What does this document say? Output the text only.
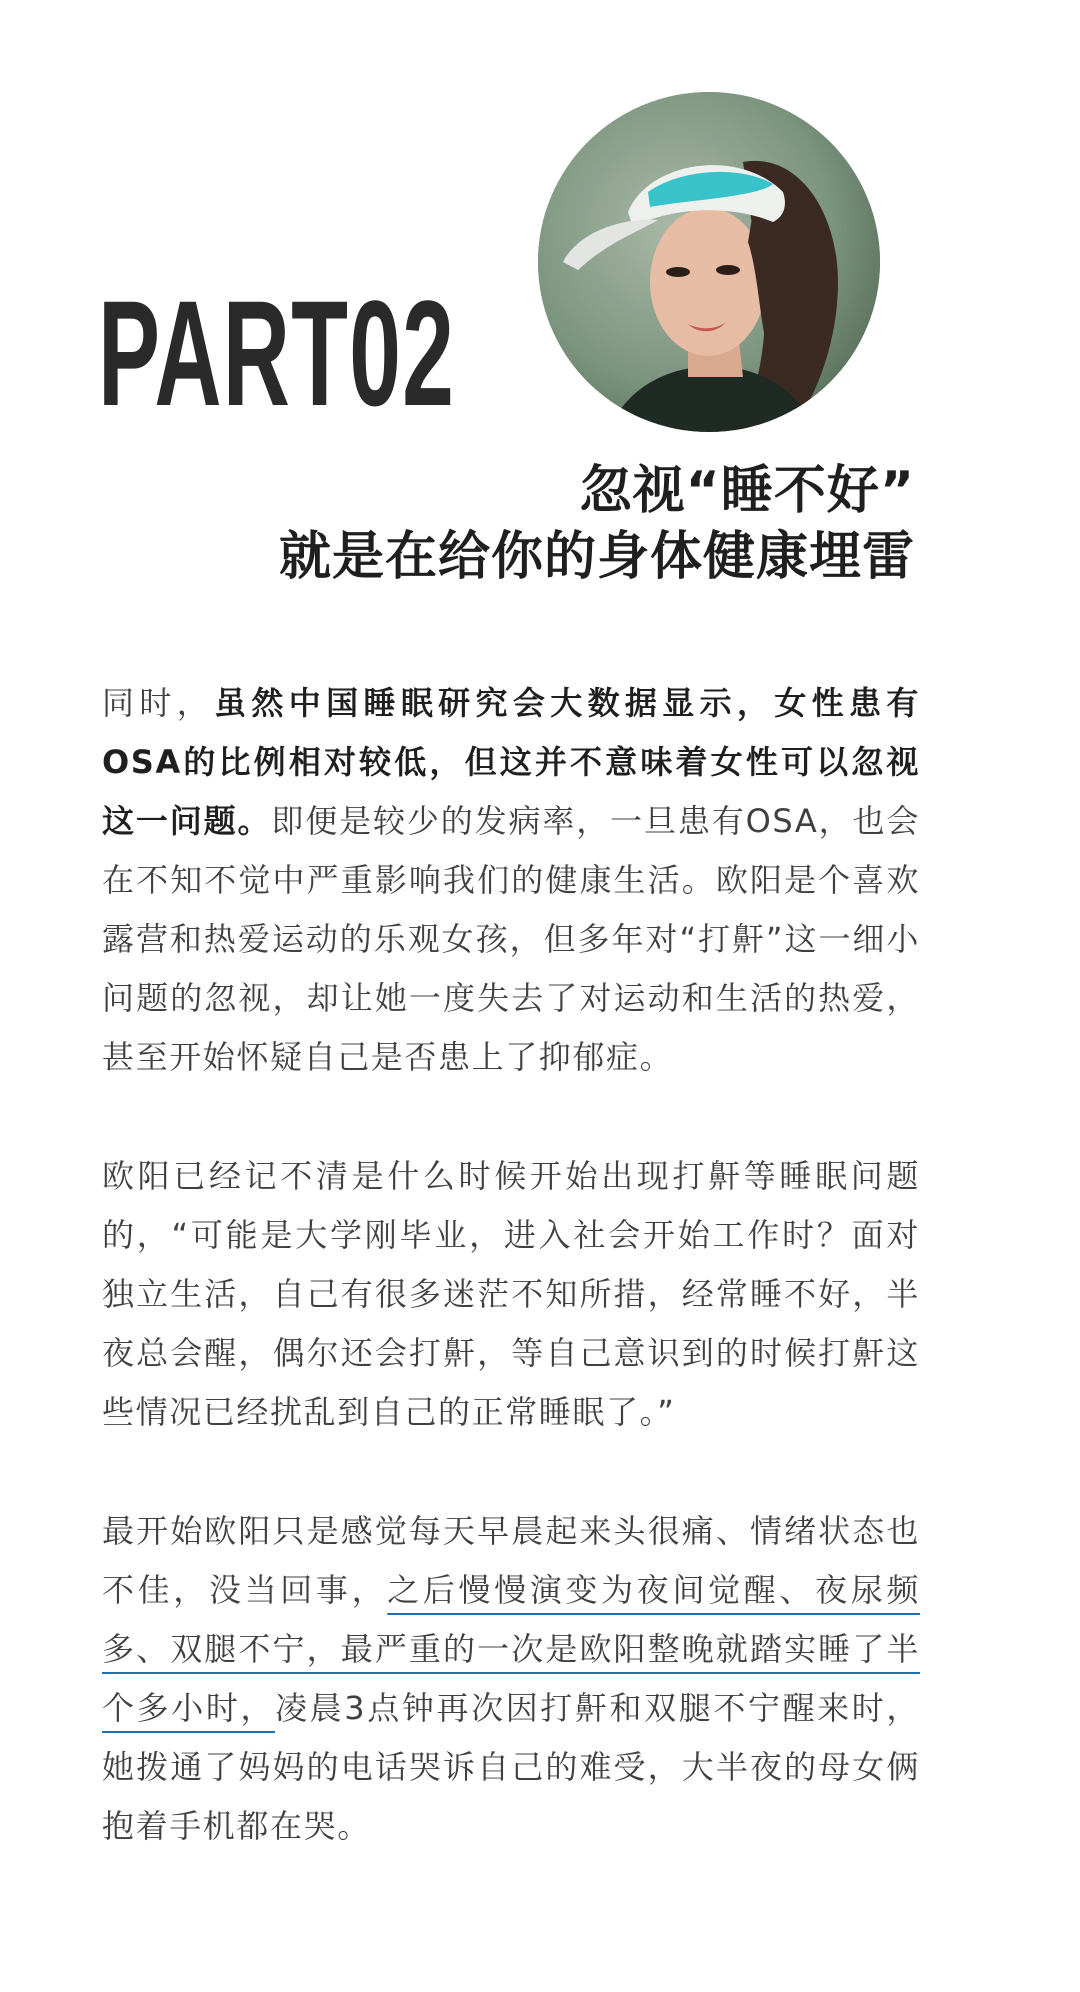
PART02
忽视“睡不好”
就是在给你的身体健康埋雷

同时，虽然中国睡眠研究会大数据显示，女性患有OSA的比例相对较低，但这并不意味着女性可以忽视这一问题。即便是较少的发病率，一旦患有OSA，也会在不知不觉中严重影响我们的健康生活。欧阳是个喜欢露营和热爱运动的乐观女孩，但多年对“打鼾”这一细小问题的忽视，却让她一度失去了对运动和生活的热爱，甚至开始怀疑自己是否患上了抑郁症。

欧阳已经记不清是什么时候开始出现打鼾等睡眠问题的，“可能是大学刚毕业，进入社会开始工作时？面对独立生活，自己有很多迷茫不知所措，经常睡不好，半夜总会醒，偶尔还会打鼾，等自己意识到的时候打鼾这些情况已经扰乱到自己的正常睡眠了。”

最开始欧阳只是感觉每天早晨起来头很痛、情绪状态也不佳，没当回事，之后慢慢演变为夜间觉醒、夜尿频多、双腿不宁，最严重的一次是欧阳整晚就踏实睡了半个多小时，凌晨3点钟再次因打鼾和双腿不宁醒来时，她拨通了妈妈的电话哭诉自己的难受，大半夜的母女俩抱着手机都在哭。
